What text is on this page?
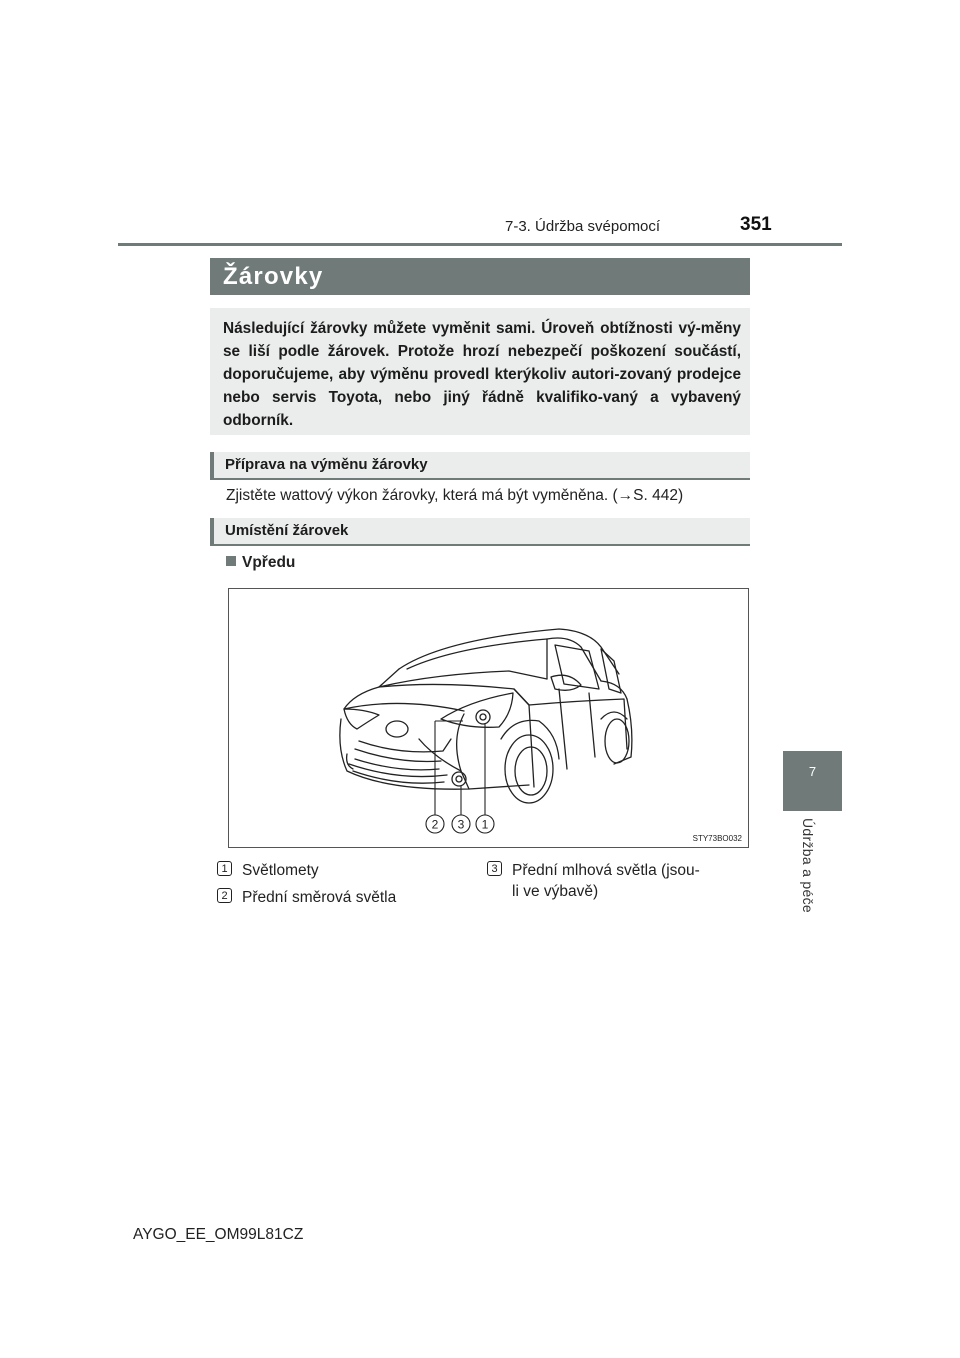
7-3. Údržba svépomocí	351
7
Údržba a péče
Žárovky
Následující žárovky můžete vyměnit sami. Úroveň obtížnosti vý-měny se liší podle žárovek. Protože hrozí nebezpečí poškození součástí, doporučujeme, aby výměnu provedl kterýkoliv autori-zovaný prodejce nebo servis Toyota, nebo jiný řádně kvalifiko-vaný a vybavený odborník.
Příprava na výměnu žárovky
Zjistěte wattový výkon žárovky, která má být vyměněna. (→S. 442)
Umístění žárovek
Vpředu
2 3 1
STY73BO032
1 Světlomety
2 Přední směrová světla
3 Přední mlhová světla (jsou-li ve výbavě)
AYGO_EE_OM99L81CZ
